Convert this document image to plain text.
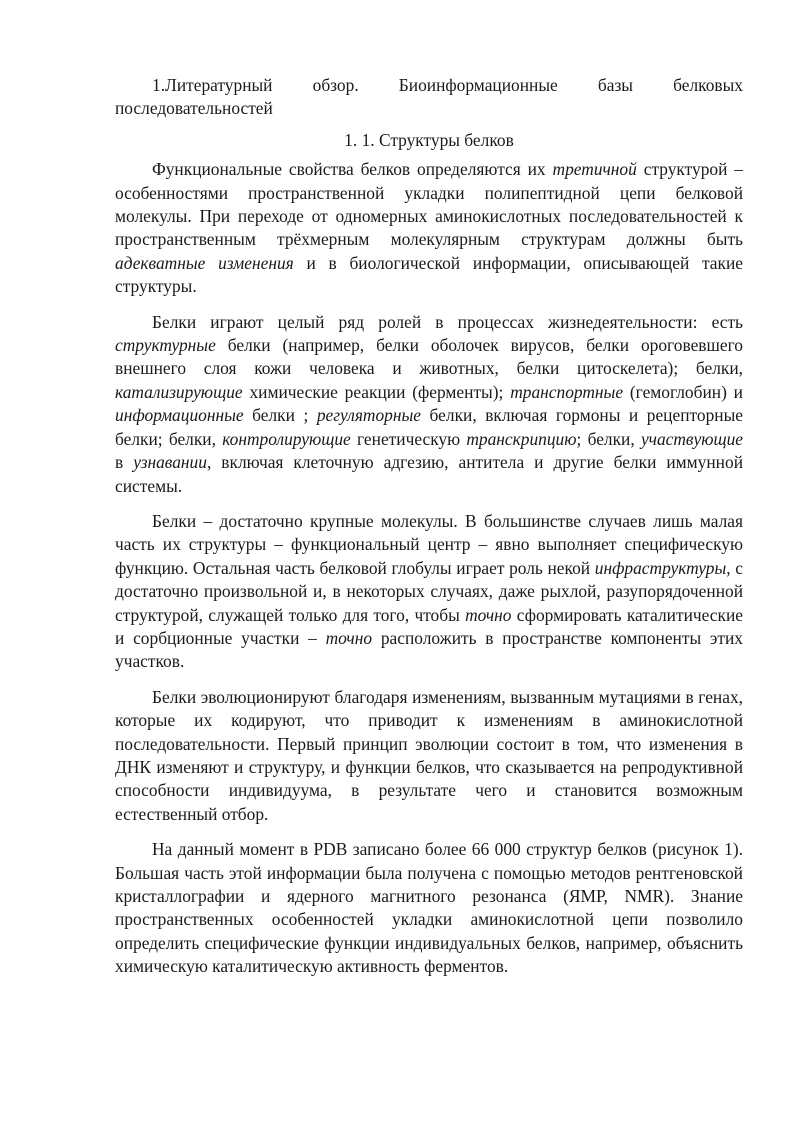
1.Литературный обзор. Биоинформационные базы белковых последовательностей
1. 1. Структуры белков

Функциональные свойства белков определяются их третичной структурой – особенностями пространственной укладки полипептидной цепи белковой молекулы. При переходе от одномерных аминокислотных последовательностей к пространственным трёхмерным молекулярным структурам должны быть адекватные изменения и в биологической информации, описывающей такие структуры.

Белки играют целый ряд ролей в процессах жизнедеятельности: есть структурные белки (например, белки оболочек вирусов, белки ороговевшего внешнего слоя кожи человека и животных, белки цитоскелета); белки, катализирующие химические реакции (ферменты); транспортные (гемоглобин) и информационные белки ; регуляторные белки, включая гормоны и рецепторные белки; белки, контролирующие генетическую транскрипцию; белки, участвующие в узнавании, включая клеточную адгезию, антитела и другие белки иммунной системы.

Белки – достаточно крупные молекулы. В большинстве случаев лишь малая часть их структуры – функциональный центр – явно выполняет специфическую функцию. Остальная часть белковой глобулы играет роль некой инфраструктуры, с достаточно произвольной и, в некоторых случаях, даже рыхлой, разупорядоченной структурой, служащей только для того, чтобы точно сформировать каталитические и сорбционные участки – точно расположить в пространстве компоненты этих участков.

Белки эволюционируют благодаря изменениям, вызванным мутациями в генах, которые их кодируют, что приводит к изменениям в аминокислотной последовательности. Первый принцип эволюции состоит в том, что изменения в ДНК изменяют и структуру, и функции белков, что сказывается на репродуктивной способности индивидуума, в результате чего и становится возможным естественный отбор.

На данный момент в PDB записано более 66 000 структур белков (рисунок 1). Большая часть этой информации была получена с помощью методов рентгеновской кристаллографии и ядерного магнитного резонанса (ЯМР, NMR). Знание пространственных особенностей укладки аминокислотной цепи позволило определить специфические функции индивидуальных белков, например, объяснить химическую каталитическую активность ферментов.
